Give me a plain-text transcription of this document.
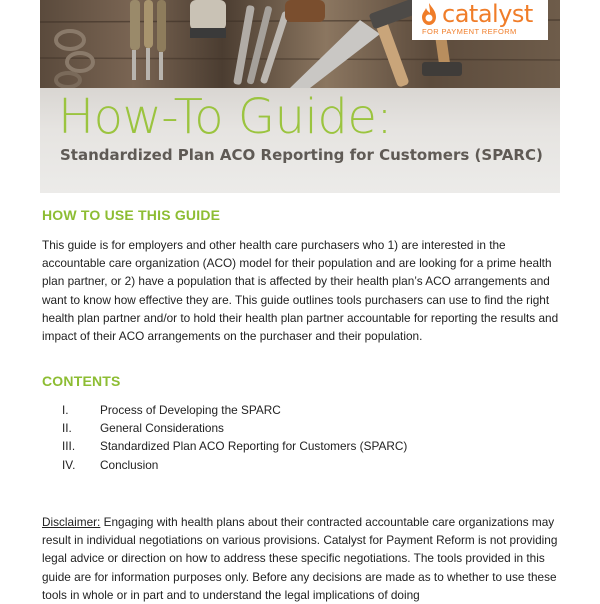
catalyst
FOR PAYMENT REFORM
How-To Guide:
Standardized Plan ACO Reporting for Customers (SPARC)
HOW TO USE THIS GUIDE

This guide is for employers and other health care purchasers who 1) are interested in the accountable care organization (ACO) model for their population and are looking for a prime health plan partner, or 2) have a population that is affected by their health plan’s ACO arrangements and want to know how effective they are. This guide outlines tools purchasers can use to find the right health plan partner and/or to hold their health plan partner accountable for reporting the results and impact of their ACO arrangements on the purchaser and their population.

CONTENTS
I.	Process of Developing the SPARC
II.	General Considerations
III.	Standardized Plan ACO Reporting for Customers (SPARC)
IV.	Conclusion

Disclaimer: Engaging with health plans about their contracted accountable care organizations may result in individual negotiations on various provisions. Catalyst for Payment Reform is not providing legal advice or direction on how to address these specific negotiations. The tools provided in this guide are for information purposes only. Before any decisions are made as to whether to use these tools in whole or in part and to understand the legal implications of doing
